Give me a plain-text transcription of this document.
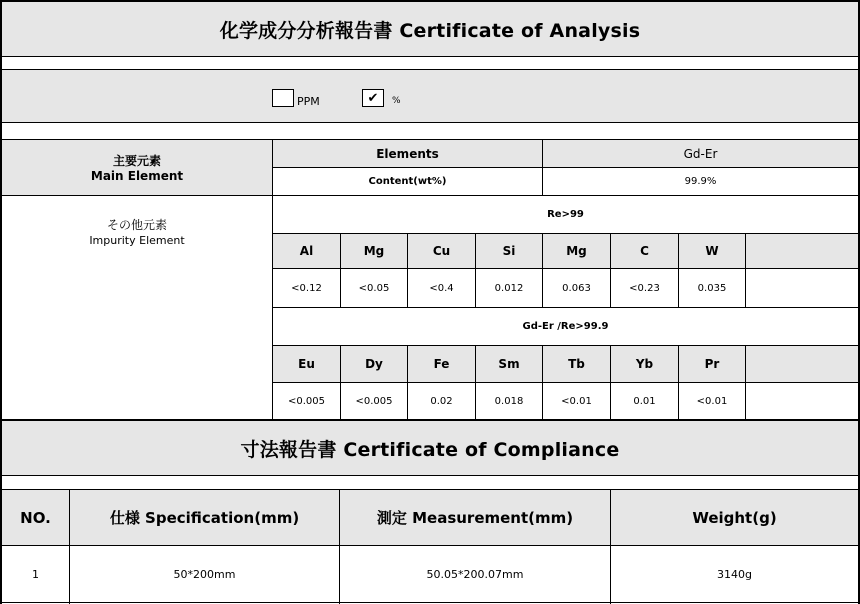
化学成分分析報告書 Certificate of Analysis
PPM	✔ %
主要元素
Main Element
Elements	Gd-Er
Content(wt%)	99.9%
その他元素
Impurity Element
Re>99
Al	Mg	Cu	Si	Mg	C	W
<0.12	<0.05	<0.4	0.012	0.063	<0.23	0.035
Gd-Er /Re>99.9
Eu	Dy	Fe	Sm	Tb	Yb	Pr
<0.005	<0.005	0.02	0.018	<0.01	0.01	<0.01
寸法報告書 Certificate of Compliance
NO.	仕様 Specification(mm)	測定 Measurement(mm)	Weight(g)
1	50*200mm	50.05*200.07mm	3140g
